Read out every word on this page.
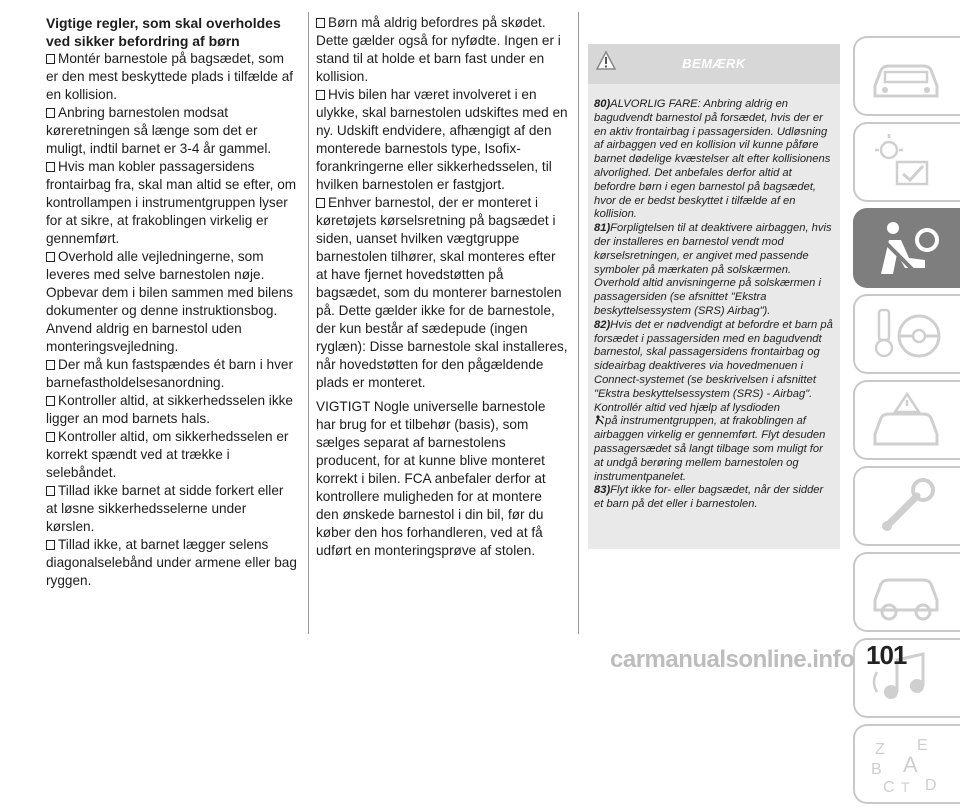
Vigtige regler, som skal overholdes ved sikker befordring af børn
Montér barnestole på bagsædet, som er den mest beskyttede plads i tilfælde af en kollision.
Anbring barnestolen modsat køreretningen så længe som det er muligt, indtil barnet er 3-4 år gammel.
Hvis man kobler passagersidens frontairbag fra, skal man altid se efter, om kontrollampen i instrumentgruppen lyser for at sikre, at frakoblingen virkelig er gennemført.
Overhold alle vejledningerne, som leveres med selve barnestolen nøje. Opbevar dem i bilen sammen med bilens dokumenter og denne instruktionsbog. Anvend aldrig en barnestol uden monteringsvejledning.
Der må kun fastspændes ét barn i hver barnefastholdelsesanordning.
Kontroller altid, at sikkerhedsselen ikke ligger an mod barnets hals.
Kontroller altid, om sikkerhedsselen er korrekt spændt ved at trække i selebåndet.
Tillad ikke barnet at sidde forkert eller at løsne sikkerhedsselerne under kørslen.
Tillad ikke, at barnet lægger selens diagonalselebånd under armene eller bag ryggen.
Børn må aldrig befordres på skødet. Dette gælder også for nyfødte. Ingen er i stand til at holde et barn fast under en kollision.
Hvis bilen har været involveret i en ulykke, skal barnestolen udskiftes med en ny. Udskift endvidere, afhængigt af den monterede barnestols type, Isofix-forankringerne eller sikkerhedsselen, til hvilken barnestolen er fastgjort.
Enhver barnestol, der er monteret i køretøjets kørselsretning på bagsædet i siden, uanset hvilken vægtgruppe barnestolen tilhører, skal monteres efter at have fjernet hovedstøtten på bagsædet, som du monterer barnestolen på. Dette gælder ikke for de barnestole, der kun består af sædepude (ingen ryglæn): Disse barnestole skal installeres, når hovedstøtten for den pågældende plads er monteret.
VIGTIGT Nogle universelle barnestole har brug for et tilbehør (basis), som sælges separat af barnestolens producent, for at kunne blive monteret korrekt i bilen. FCA anbefaler derfor at kontrollere muligheden for at montere den ønskede barnestol i din bil, før du køber den hos forhandleren, ved at få udført en monteringsprøve af stolen.
BEMÆRK
80)ALVORLIG FARE: Anbring aldrig en bagudvendt barnestol på forsædet, hvis der er en aktiv frontairbag i passagersiden. Udløsning af airbaggen ved en kollision vil kunne påføre barnet dødelige kvæstelser alt efter kollisionens alvorlighed. Det anbefales derfor altid at befordre børn i egen barnestol på bagsædet, hvor de er bedst beskyttet i tilfælde af en kollision.
81)Forpligtelsen til at deaktivere airbaggen, hvis der installeres en barnestol vendt mod kørselsretningen, er angivet med passende symboler på mærkaten på solskærmen. Overhold altid anvisningerne på solskærmen i passagersiden (se afsnittet "Ekstra beskyttelsessystem (SRS) Airbag").
82)Hvis det er nødvendigt at befordre et barn på forsædet i passagersiden med en bagudvendt barnestol, skal passagersidens frontairbag og sideairbag deaktiveres via hovedmenuen i Connect-systemet (se beskrivelsen i afsnittet "Ekstra beskyttelsessystem (SRS) - Airbag". Kontrollér altid ved hjælp af lysdioden
på instrumentgruppen, at frakoblingen af airbaggen virkelig er gennemført. Flyt desuden passagersædet så langt tilbage som muligt for at undgå berøring mellem barnestolen og instrumentpanelet.
83)Flyt ikke for- eller bagsædet, når der sidder et barn på det eller i barnestolen.
Z E
B A
C T D
carmanualsonline.info 101
